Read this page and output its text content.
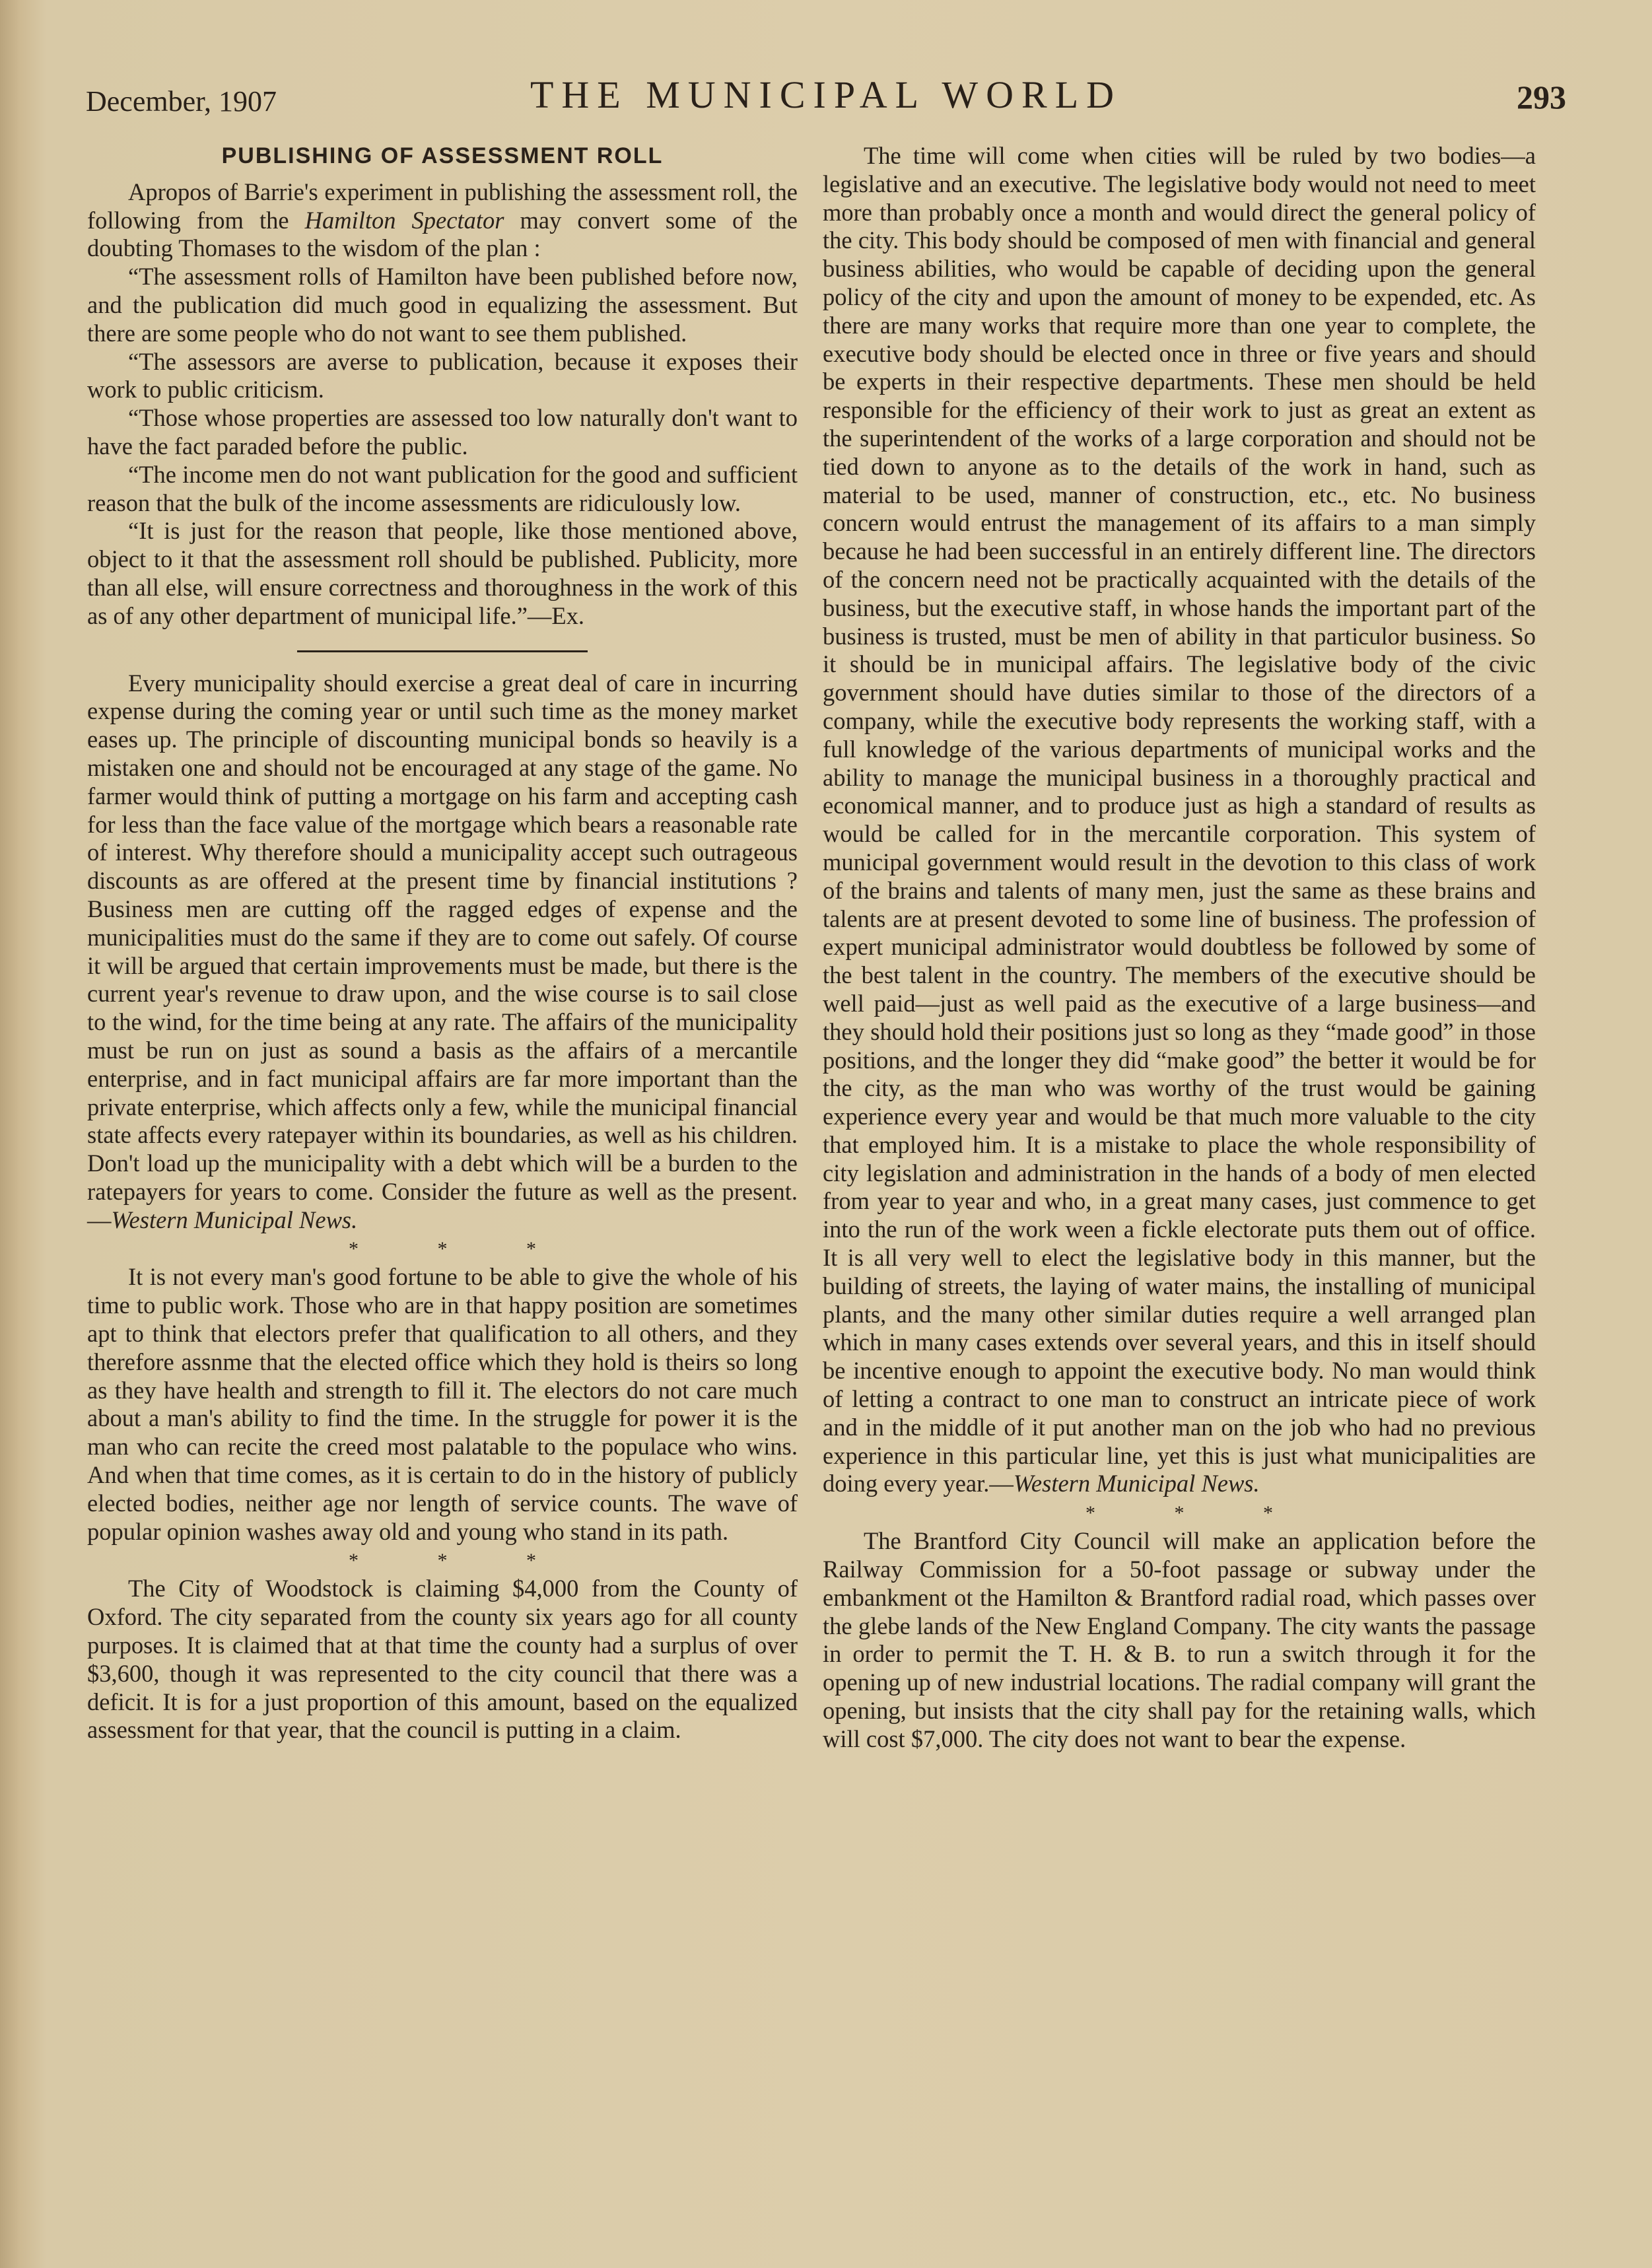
December, 1907	THE MUNICIPAL WORLD	293
PUBLISHING OF ASSESSMENT ROLL

Apropos of Barrie's experiment in publishing the assessment roll, the following from the Hamilton Spectator may convert some of the doubting Thomases to the wisdom of the plan :

“The assessment rolls of Hamilton have been published before now, and the publication did much good in equalizing the assessment. But there are some people who do not want to see them published.

“The assessors are averse to publication, because it exposes their work to public criticism.

“Those whose properties are assessed too low naturally don't want to have the fact paraded before the public.

“The income men do not want publication for the good and sufficient reason that the bulk of the income assessments are ridiculously low.

“It is just for the reason that people, like those mentioned above, object to it that the assessment roll should be published. Publicity, more than all else, will ensure correctness and thoroughness in the work of this as of any other department of municipal life.”—Ex.

Every municipality should exercise a great deal of care in incurring expense during the coming year or until such time as the money market eases up. The principle of discounting municipal bonds so heavily is a mistaken one and should not be encouraged at any stage of the game. No farmer would think of putting a mortgage on his farm and accepting cash for less than the face value of the mortgage which bears a reasonable rate of interest. Why therefore should a municipality accept such outrageous discounts as are offered at the present time by financial institutions ? Business men are cutting off the ragged edges of expense and the municipalities must do the same if they are to come out safely. Of course it will be argued that certain improvements must be made, but there is the current year's revenue to draw upon, and the wise course is to sail close to the wind, for the time being at any rate. The affairs of the municipality must be run on just as sound a basis as the affairs of a mercantile enterprise, and in fact municipal affairs are far more important than the private enterprise, which affects only a few, while the municipal financial state affects every ratepayer within its boundaries, as well as his children. Don't load up the municipality with a debt which will be a burden to the ratepayers for years to come. Consider the future as well as the present.—Western Municipal News.

* * *

It is not every man's good fortune to be able to give the whole of his time to public work. Those who are in that happy position are sometimes apt to think that electors prefer that qualification to all others, and they therefore assnme that the elected office which they hold is theirs so long as they have health and strength to fill it. The electors do not care much about a man's ability to find the time. In the struggle for power it is the man who can recite the creed most palatable to the populace who wins. And when that time comes, as it is certain to do in the history of publicly elected bodies, neither age nor length of service counts. The wave of popular opinion washes away old and young who stand in its path.

* * *

The City of Woodstock is claiming $4,000 from the County of Oxford. The city separated from the county six years ago for all county purposes. It is claimed that at that time the county had a surplus of over $3,600, though it was represented to the city council that there was a deficit. It is for a just proportion of this amount, based on the equalized assessment for that year, that the council is putting in a claim.

The time will come when cities will be ruled by two bodies—a legislative and an executive. The legislative body would not need to meet more than probably once a month and would direct the general policy of the city. This body should be composed of men with financial and general business abilities, who would be capable of deciding upon the general policy of the city and upon the amount of money to be expended, etc. As there are many works that require more than one year to complete, the executive body should be elected once in three or five years and should be experts in their respective departments. These men should be held responsible for the efficiency of their work to just as great an extent as the superintendent of the works of a large corporation and should not be tied down to anyone as to the details of the work in hand, such as material to be used, manner of construction, etc., etc. No business concern would entrust the management of its affairs to a man simply because he had been successful in an entirely different line. The directors of the concern need not be practically acquainted with the details of the business, but the executive staff, in whose hands the important part of the business is trusted, must be men of ability in that particulor business. So it should be in municipal affairs. The legislative body of the civic government should have duties similar to those of the directors of a company, while the executive body represents the working staff, with a full knowledge of the various departments of municipal works and the ability to manage the municipal business in a thoroughly practical and economical manner, and to produce just as high a standard of results as would be called for in the mercantile corporation. This system of municipal government would result in the devotion to this class of work of the brains and talents of many men, just the same as these brains and talents are at present devoted to some line of business. The profession of expert municipal administrator would doubtless be followed by some of the best talent in the country. The members of the executive should be well paid—just as well paid as the executive of a large business—and they should hold their positions just so long as they “made good” in those positions, and the longer they did “make good” the better it would be for the city, as the man who was worthy of the trust would be gaining experience every year and would be that much more valuable to the city that employed him. It is a mistake to place the whole responsibility of city legislation and administration in the hands of a body of men elected from year to year and who, in a great many cases, just commence to get into the run of the work ween a fickle electorate puts them out of office. It is all very well to elect the legislative body in this manner, but the building of streets, the laying of water mains, the installing of municipal plants, and the many other similar duties require a well arranged plan which in many cases extends over several years, and this in itself should be incentive enough to appoint the executive body. No man would think of letting a contract to one man to construct an intricate piece of work and in the middle of it put another man on the job who had no previous experience in this particular line, yet this is just what municipalities are doing every year.—Western Municipal News.

* * *

The Brantford City Council will make an application before the Railway Commission for a 50-foot passage or subway under the embankment ot the Hamilton & Brantford radial road, which passes over the glebe lands of the New England Company. The city wants the passage in order to permit the T. H. & B. to run a switch through it for the opening up of new industrial locations. The radial company will grant the opening, but insists that the city shall pay for the retaining walls, which will cost $7,000. The city does not want to bear the expense.
